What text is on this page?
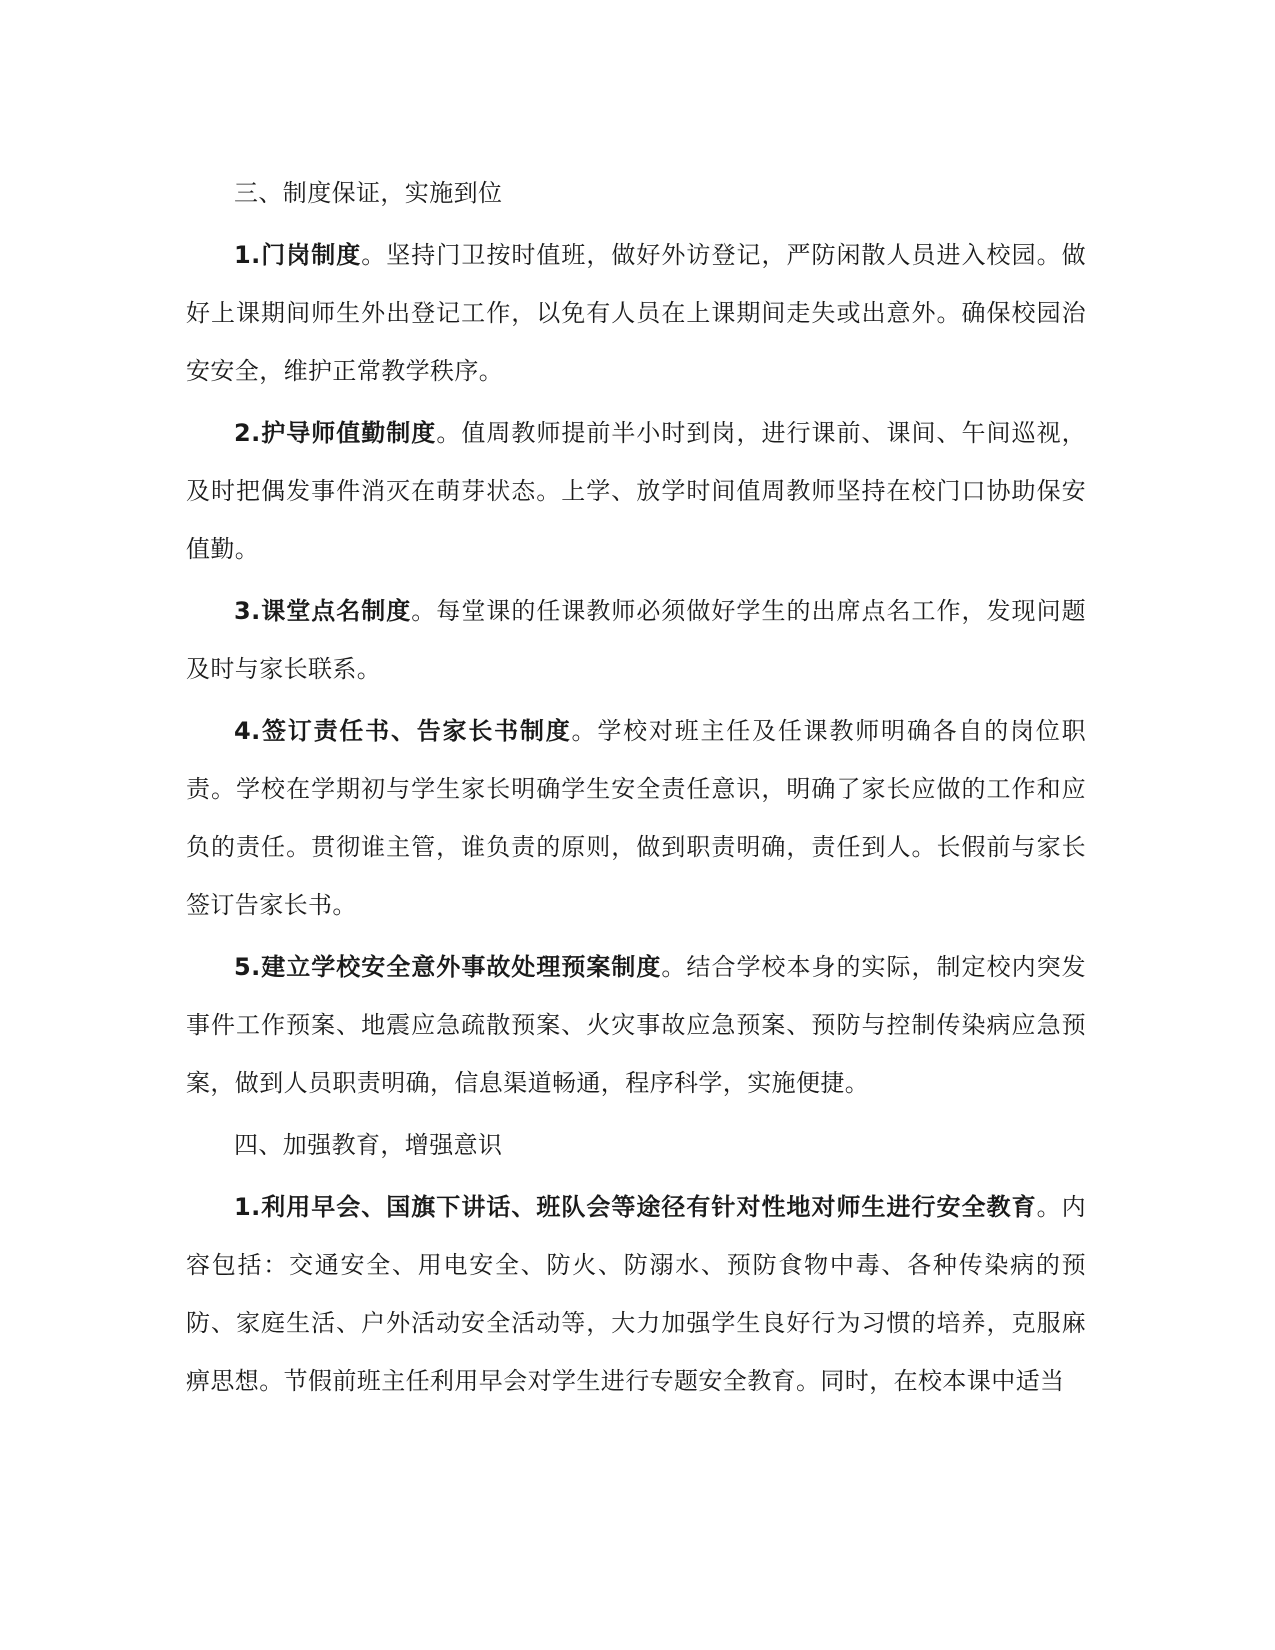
三、制度保证，实施到位

1.门岗制度。坚持门卫按时值班，做好外访登记，严防闲散人员进入校园。做好上课期间师生外出登记工作，以免有人员在上课期间走失或出意外。确保校园治安安全，维护正常教学秩序。

2.护导师值勤制度。值周教师提前半小时到岗，进行课前、课间、午间巡视，及时把偶发事件消灭在萌芽状态。上学、放学时间值周教师坚持在校门口协助保安值勤。

3.课堂点名制度。每堂课的任课教师必须做好学生的出席点名工作，发现问题及时与家长联系。

4.签订责任书、告家长书制度。学校对班主任及任课教师明确各自的岗位职责。学校在学期初与学生家长明确学生安全责任意识，明确了家长应做的工作和应负的责任。贯彻谁主管，谁负责的原则，做到职责明确，责任到人。长假前与家长签订告家长书。

5.建立学校安全意外事故处理预案制度。结合学校本身的实际，制定校内突发事件工作预案、地震应急疏散预案、火灾事故应急预案、预防与控制传染病应急预案，做到人员职责明确，信息渠道畅通，程序科学，实施便捷。

四、加强教育，增强意识

1.利用早会、国旗下讲话、班队会等途径有针对性地对师生进行安全教育。内容包括：交通安全、用电安全、防火、防溺水、预防食物中毒、各种传染病的预防、家庭生活、户外活动安全活动等，大力加强学生良好行为习惯的培养，克服麻痹思想。节假前班主任利用早会对学生进行专题安全教育。同时，在校本课中适当
